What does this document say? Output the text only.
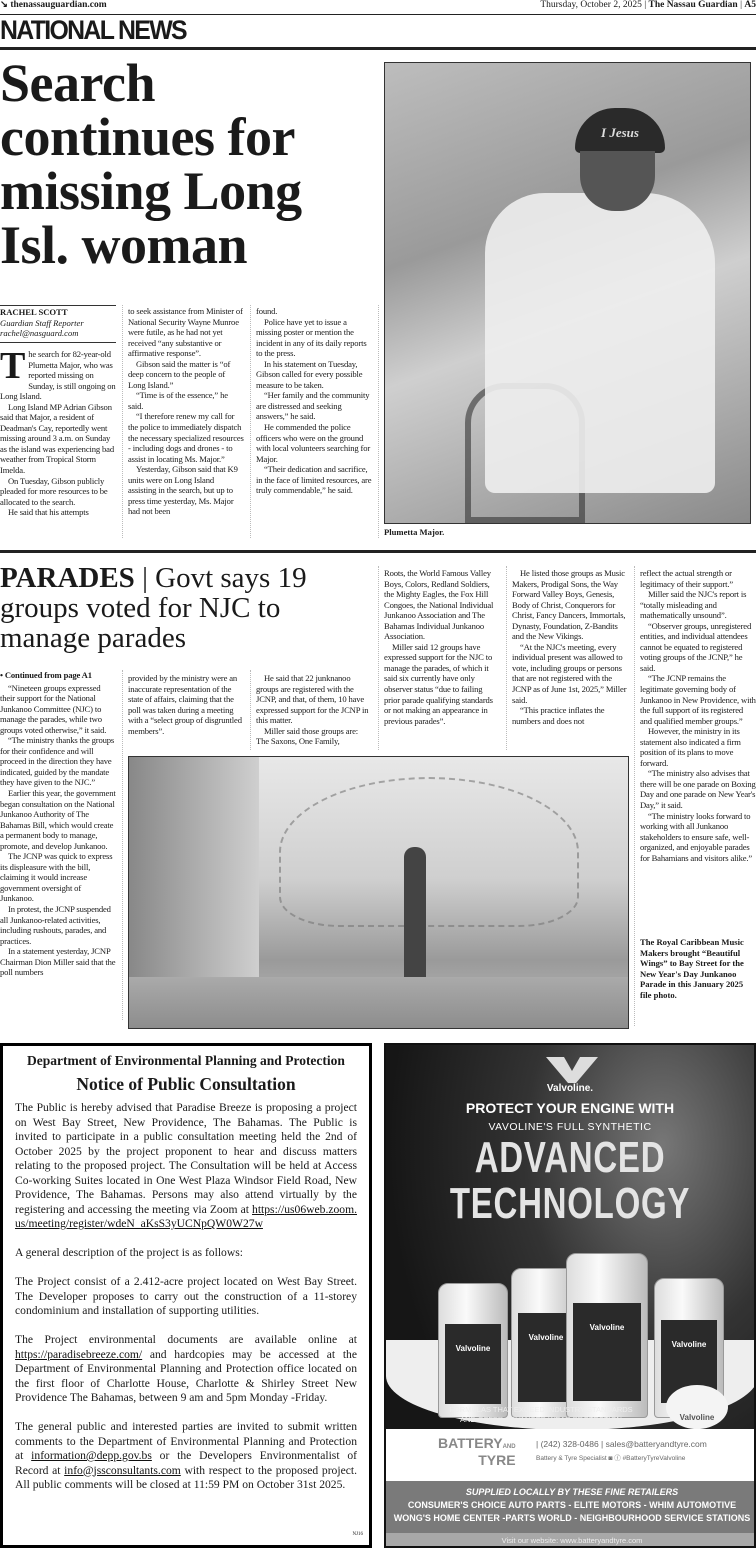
↘ thenassauguardian.com	Thursday, October 2, 2025 | The Nassau Guardian | A5
NATIONAL NEWS
Search continues for missing Long Isl. woman
I Jesus
Plumetta Major.
RACHEL SCOTT
Guardian Staff Reporter
rachel@nasguard.com
T he search for 82-year-old Plumetta Major, who was reported missing on Sunday, is still ongoing on Long Island.

Long Island MP Adrian Gibson said that Major, a resident of Deadman's Cay, reportedly went missing around 3 a.m. on Sunday as the island was experiencing bad weather from Tropical Storm Imelda.

On Tuesday, Gibson publicly pleaded for more resources to be allocated to the search.

He said that his attempts

to seek assistance from Minister of National Security Wayne Munroe were futile, as he had not yet received “any substantive or affirmative response”.

Gibson said the matter is “of deep concern to the people of Long Island.”

“Time is of the essence,” he said.

“I therefore renew my call for the police to immediately dispatch the necessary specialized resources - including dogs and drones - to assist in locating Ms. Major.”

Yesterday, Gibson said that K9 units were on Long Island assisting in the search, but up to press time yesterday, Ms. Major had not been

found.

Police have yet to issue a missing poster or mention the incident in any of its daily reports to the press.

In his statement on Tuesday, Gibson called for every possible measure to be taken.

“Her family and the community are distressed and seeking answers,” he said.

He commended the police officers who were on the ground with local volunteers searching for Major.

“Their dedication and sacrifice, in the face of limited resources, are truly commendable,” he said.

PARADES | Govt says 19 groups voted for NJC to manage parades
• Continued from page A1

“Nineteen groups expressed their support for the National Junkanoo Committee (NJC) to manage the parades, while two groups voted otherwise,” it said.

“The ministry thanks the groups for their confidence and will proceed in the direction they have indicated, guided by the mandate they have given to the NJC.”

Earlier this year, the government began consultation on the National Junkanoo Authority of The Bahamas Bill, which would create a permanent body to manage, promote, and develop Junkanoo.

The JCNP was quick to express its displeasure with the bill, claiming it would increase government oversight of Junkanoo.

In protest, the JCNP suspended all Junkanoo-related activities, including rushouts, parades, and practices.

In a statement yesterday, JCNP Chairman Dion Miller said that the poll numbers

provided by the ministry were an inaccurate representation of the state of affairs, claiming that the poll was taken during a meeting with a “select group of disgruntled members”.

He said that 22 junknanoo groups are registered with the JCNP, and that, of them, 10 have expressed support for the JCNP in this matter.

Miller said those groups are: The Saxons, One Family,

Roots, the World Famous Valley Boys, Colors, Redland Soldiers, the Mighty Eagles, the Fox Hill Congoes, the National Individual Junkanoo Association and The Bahamas Individual Junkanoo Association.

Miller said 12 groups have expressed support for the NJC to manage the parades, of which it said six currently have only observer status “due to failing prior parade qualifying standards or not making an appearance in previous parades”.

He listed those groups as Music Makers, Prodigal Sons, the Way Forward Valley Boys, Genesis, Body of Christ, Conquerors for Christ, Fancy Dancers, Immortals, Dynasty, Foundation, Z-Bandits and the New Vikings.

“At the NJC's meeting, every individual present was allowed to vote, including groups or persons that are not registered with the JCNP as of June 1st, 2025,” Miller said.

“This practice inflates the numbers and does not

reflect the actual strength or legitimacy of their support.”

Miller said the NJC's report is “totally misleading and mathematically unsound”.

“Observer groups, unregistered entities, and individual attendees cannot be equated to registered voting groups of the JCNP,” he said.

“The JCNP remains the legitimate governing body of Junkanoo in New Providence, with the full support of its registered and qualified member groups.”

However, the ministry in its statement also indicated a firm position of its plans to move forward.

“The ministry also advises that there will be one parade on Boxing Day and one parade on New Year's Day,” it said.

“The ministry looks forward to working with all Junkanoo stakeholders to ensure safe, well-organized, and enjoyable parades for Bahamians and visitors alike.”

The Royal Caribbean Music Makers brought “Beautiful Wings” to Bay Street for the New Year's Day Junkanoo Parade in this January 2025 file photo.
Department of Environmental Planning and Protection
Notice of Public Consultation

The Public is hereby advised that Paradise Breeze is proposing a project on West Bay Street, New Providence, The Bahamas. The Public is invited to participate in a public consultation meeting held the 2nd of October 2025 by the project proponent to hear and discuss matters relating to the proposed project. The Consultation will be held at Access Co-working Suites located in One West Plaza Windsor Field Road, New Providence, The Bahamas. Persons may also attend virtually by the registering and accessing the meeting via Zoom at https://us06web.zoom.us/meeting/register/wdeN_aKsS3yUCNpQW0W27w

A general description of the project is as follows:

The Project consist of a 2.412-acre project located on West Bay Street. The Developer proposes to carry out the construction of a 11-storey condominium and installation of supporting utilities.

The Project environmental documents are available online at https://paradisebreeze.com/ and hardcopies may be accessed at the Department of Environmental Planning and Protection office located on the first floor of Charlotte House, Charlotte & Shirley Street New Providence The Bahamas, between 9 am and 5pm Monday -Friday.

The general public and interested parties are invited to submit written comments to the Department of Environmental Planning and Protection at information@depp.gov.bs or the Developers Environmentalist of Record at info@jssconsultants.com with respect to the proposed project. All public comments will be closed at 11:59 PM on October 31st 2025.

NJ16
Valvoline.
PROTECT YOUR ENGINE WITH
VAVOLINE'S FULL SYNTHETIC
ADVANCED
TECHNOLOGY
Valvoline
Valvoline
Valvoline
Valvoline
FORMULAS THAT EXCEED INDUSTRY STANDARDS
AND OFFER ADVANCED WEAR PROTECTION	Valvoline
BATTERYAND
TYRE
| (242) 328-0486 | sales@batteryandtyre.com
Battery & Tyre Specialist ◙ ⓕ #BatteryTyreValvoline
SUPPLIED LOCALLY BY THESE FINE RETAILERS
CONSUMER'S CHOICE AUTO PARTS - ELITE MOTORS - WHIM AUTOMOTIVE
WONG'S HOME CENTER -PARTS WORLD - NEIGHBOURHOOD SERVICE STATIONS
Visit our website: www.batteryandtyre.com
